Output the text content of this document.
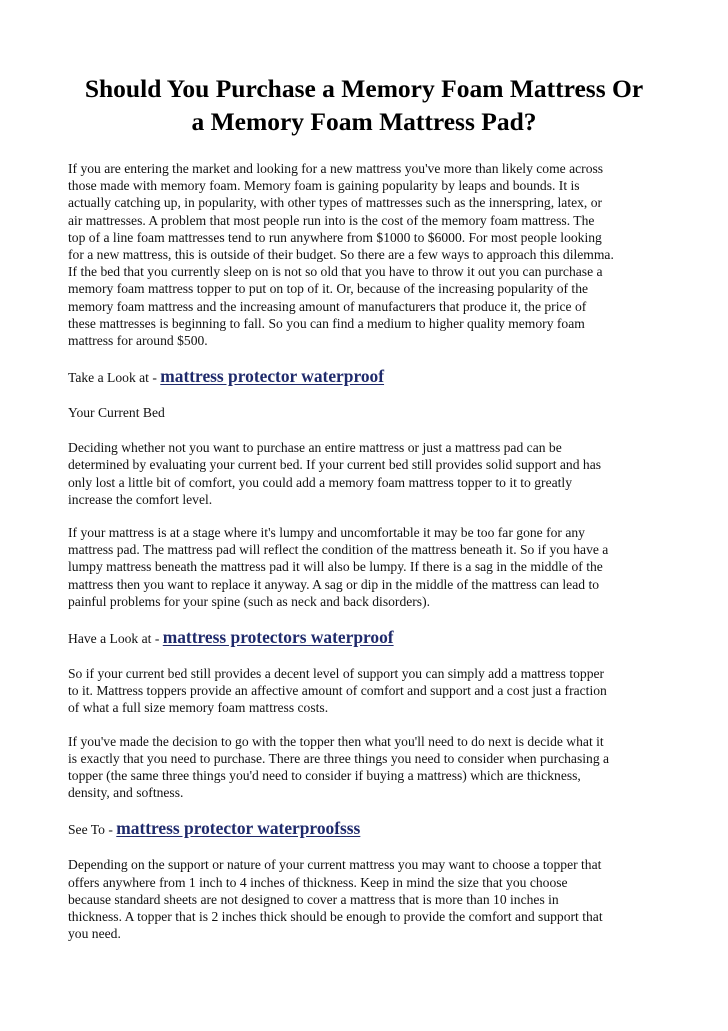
Should You Purchase a Memory Foam Mattress Or
a Memory Foam Mattress Pad?

If you are entering the market and looking for a new mattress you've more than likely come across
those made with memory foam. Memory foam is gaining popularity by leaps and bounds. It is
actually catching up, in popularity, with other types of mattresses such as the innerspring, latex, or
air mattresses. A problem that most people run into is the cost of the memory foam mattress. The
top of a line foam mattresses tend to run anywhere from $1000 to $6000. For most people looking
for a new mattress, this is outside of their budget. So there are a few ways to approach this dilemma.
If the bed that you currently sleep on is not so old that you have to throw it out you can purchase a
memory foam mattress topper to put on top of it. Or, because of the increasing popularity of the
memory foam mattress and the increasing amount of manufacturers that produce it, the price of
these mattresses is beginning to fall. So you can find a medium to higher quality memory foam
mattress for around $500.

Take a Look at - mattress protector waterproof
Your Current Bed

Deciding whether not you want to purchase an entire mattress or just a mattress pad can be
determined by evaluating your current bed. If your current bed still provides solid support and has
only lost a little bit of comfort, you could add a memory foam mattress topper to it to greatly
increase the comfort level.

If your mattress is at a stage where it's lumpy and uncomfortable it may be too far gone for any
mattress pad. The mattress pad will reflect the condition of the mattress beneath it. So if you have a
lumpy mattress beneath the mattress pad it will also be lumpy. If there is a sag in the middle of the
mattress then you want to replace it anyway. A sag or dip in the middle of the mattress can lead to
painful problems for your spine (such as neck and back disorders).

Have a Look at - mattress protectors waterproof

So if your current bed still provides a decent level of support you can simply add a mattress topper
to it. Mattress toppers provide an affective amount of comfort and support and a cost just a fraction
of what a full size memory foam mattress costs.

If you've made the decision to go with the topper then what you'll need to do next is decide what it
is exactly that you need to purchase. There are three things you need to consider when purchasing a
topper (the same three things you'd need to consider if buying a mattress) which are thickness,
density, and softness.

See To - mattress protector waterproofsss

Depending on the support or nature of your current mattress you may want to choose a topper that
offers anywhere from 1 inch to 4 inches of thickness. Keep in mind the size that you choose
because standard sheets are not designed to cover a mattress that is more than 10 inches in
thickness. A topper that is 2 inches thick should be enough to provide the comfort and support that
you need.
